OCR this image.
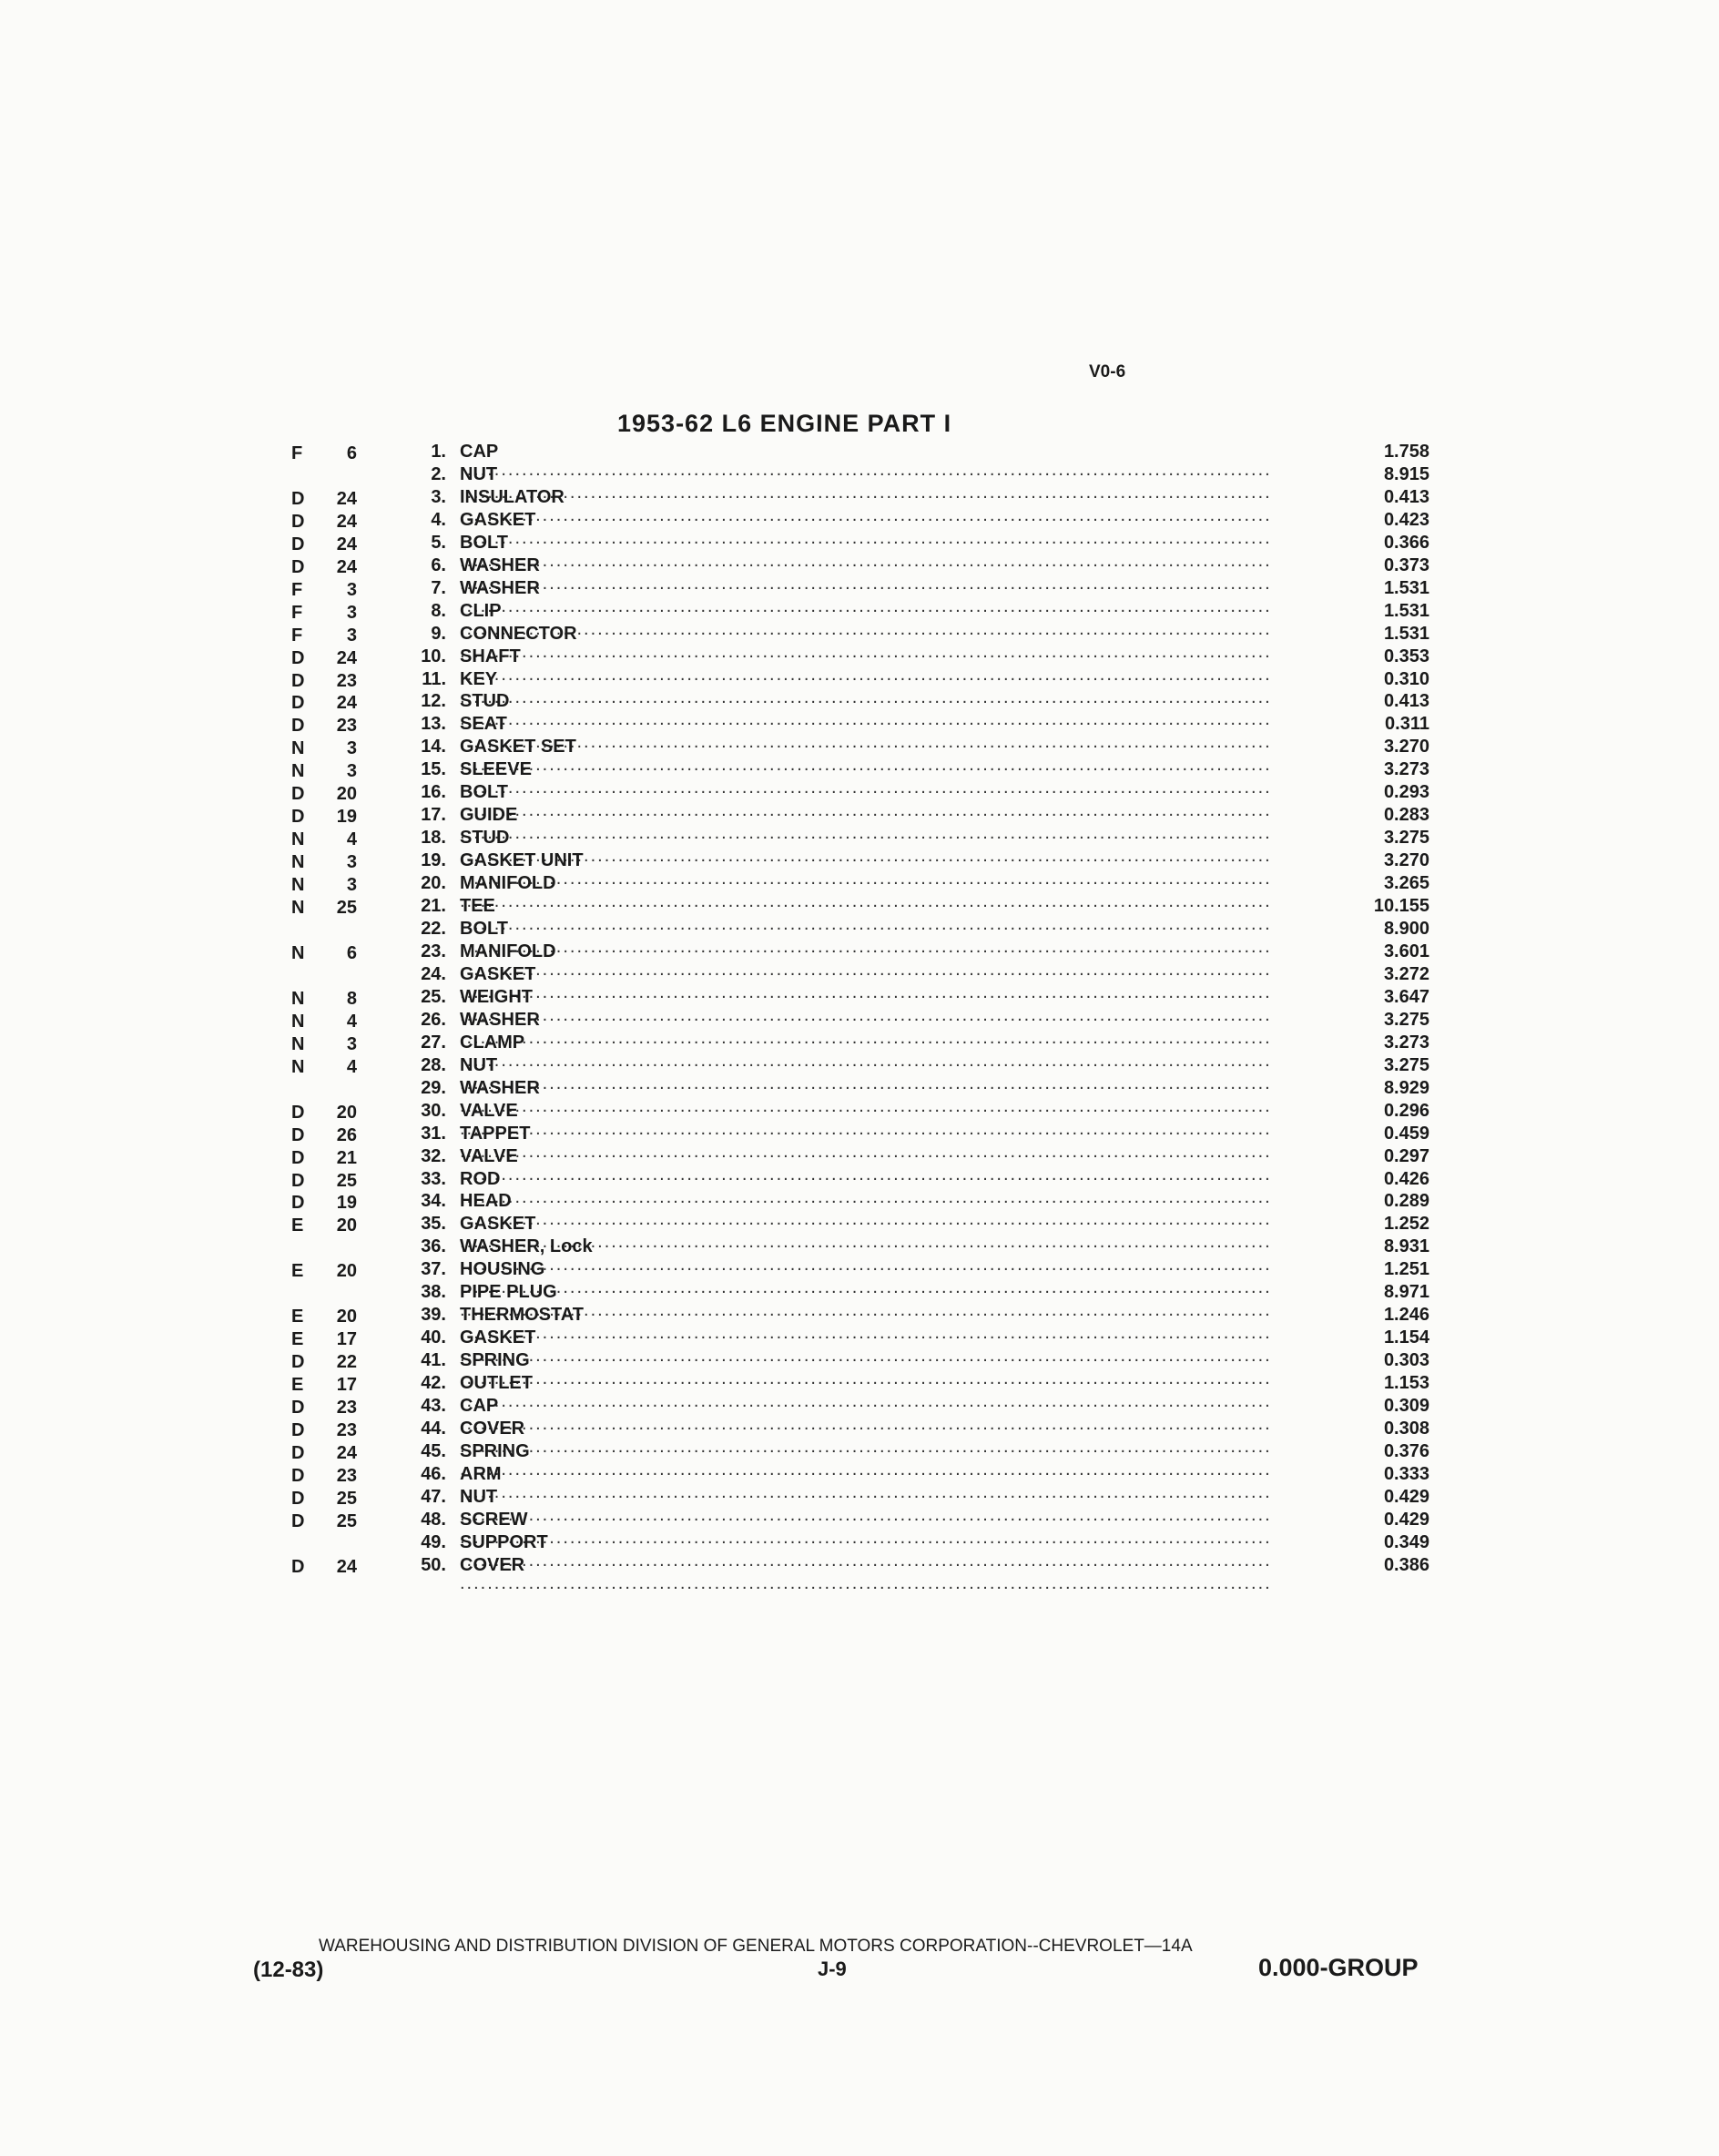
V0-6
1953-62 L6 ENGINE PART I
F 6	1. CAP .....	1.758
2. NUT .....	8.915
D 24	3. INSULATOR .....	0.413
D 24	4. GASKET .....	0.423
D 24	5. BOLT .....	0.366
D 24	6. WASHER .....	0.373
F 3	7. WASHER .....	1.531
F 3	8. CLIP .....	1.531
F 3	9. CONNECTOR .....	1.531
D 24	10. SHAFT .....	0.353
D 23	11. KEY .....	0.310
D 24	12. STUD .....	0.413
D 23	13. SEAT .....	0.311
N 3	14. GASKET SET .....	3.270
N 3	15. SLEEVE .....	3.273
D 20	16. BOLT .....	0.293
D 19	17. GUIDE .....	0.283
N 4	18. STUD .....	3.275
N 3	19. GASKET UNIT .....	3.270
N 3	20. MANIFOLD .....	3.265
N 25	21. TEE .....	10.155
22. BOLT .....	8.900
N 6	23. MANIFOLD .....	3.601
24. GASKET .....	3.272
N 8	25. WEIGHT .....	3.647
N 4	26. WASHER .....	3.275
N 3	27. CLAMP .....	3.273
N 4	28. NUT .....	3.275
29. WASHER .....	8.929
D 20	30. VALVE .....	0.296
D 26	31. TAPPET .....	0.459
D 21	32. VALVE .....	0.297
D 25	33. ROD .....	0.426
D 19	34. HEAD .....	0.289
E 20	35. GASKET .....	1.252
36. WASHER, Lock .....	8.931
E 20	37. HOUSING .....	1.251
38. PIPE PLUG .....	8.971
E 20	39. THERMOSTAT .....	1.246
E 17	40. GASKET .....	1.154
D 22	41. SPRING .....	0.303
E 17	42. OUTLET .....	1.153
D 23	43. CAP .....	0.309
D 23	44. COVER .....	0.308
D 24	45. SPRING .....	0.376
D 23	46. ARM .....	0.333
D 25	47. NUT .....	0.429
D 25	48. SCREW .....	0.429
49. SUPPORT .....	0.349
D 24	50. COVER .....	0.386
WAREHOUSING AND DISTRIBUTION DIVISION OF GENERAL MOTORS CORPORATION--CHEVROLET—14A
(12-83)	J-9	0.000-GROUP
